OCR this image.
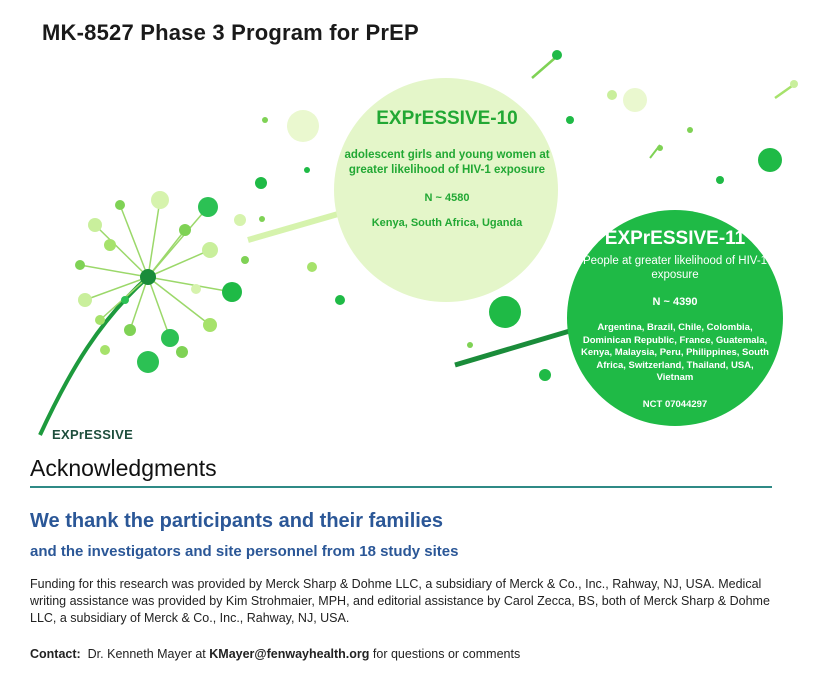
MK-8527 Phase 3 Program for PrEP
EXPrESSIVE-10
adolescent girls and young women at greater likelihood of HIV-1 exposure
N ~ 4580
Kenya, South Africa, Uganda
EXPrESSIVE-11
People at greater likelihood of HIV-1 exposure
N ~ 4390
Argentina, Brazil, Chile, Colombia, Dominican Republic, France, Guatemala, Kenya, Malaysia, Peru, Philippines, South Africa, Switzerland, Thailand, USA, Vietnam
NCT 07044297
EXPrESSIVE
Acknowledgments
We thank the participants and their families
and the investigators and site personnel from 18 study sites
Funding for this research was provided by Merck Sharp & Dohme LLC, a subsidiary of Merck & Co., Inc., Rahway, NJ, USA. Medical writing assistance was provided by Kim Strohmaier, MPH, and editorial assistance by Carol Zecca, BS, both of Merck Sharp & Dohme LLC, a subsidiary of Merck & Co., Inc., Rahway, NJ, USA.
Contact: Dr. Kenneth Mayer at KMayer@fenwayhealth.org for questions or comments
